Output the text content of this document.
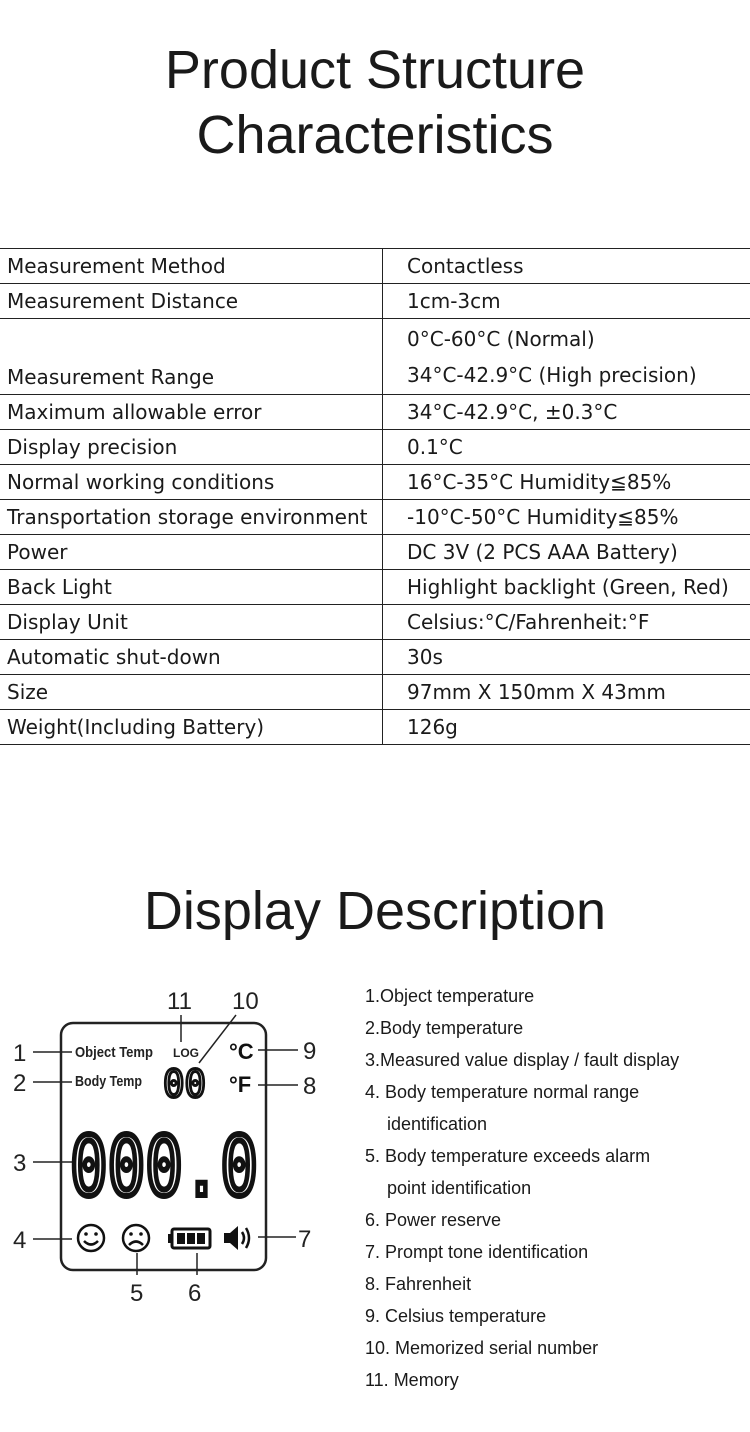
Product Structure
Characteristics
Measurement Method	Contactless
Measurement Distance	1cm-3cm
Measurement Range	0°C-60°C (Normal)
34°C-42.9°C (High precision)

Maximum allowable error	34°C-42.9°C, ±0.3°C
Display precision	0.1°C
Normal working conditions	16°C-35°C Humidity≦85%
Transportation storage environment	-10°C-50°C Humidity≦85%
Power	DC 3V (2 PCS AAA Battery)
Back Light	Highlight backlight (Green, Red)
Display Unit	Celsius:°C/Fahrenheit:°F
Automatic shut-down	30s
Size	97mm X 150mm X 43mm
Weight(Including Battery)	126g
Display Description
1
2
3
4
5 6
7
8
9
10
11
Object Temp
Body Temp
LOG
00
°C
°F
000.0
1.Object temperature
2.Body temperature
3.Measured value display / fault display
4. Body temperature normal range
identification
5. Body temperature exceeds alarm
point identification
6. Power reserve
7. Prompt tone identification
8. Fahrenheit
9. Celsius temperature
10. Memorized serial number
11. Memory
